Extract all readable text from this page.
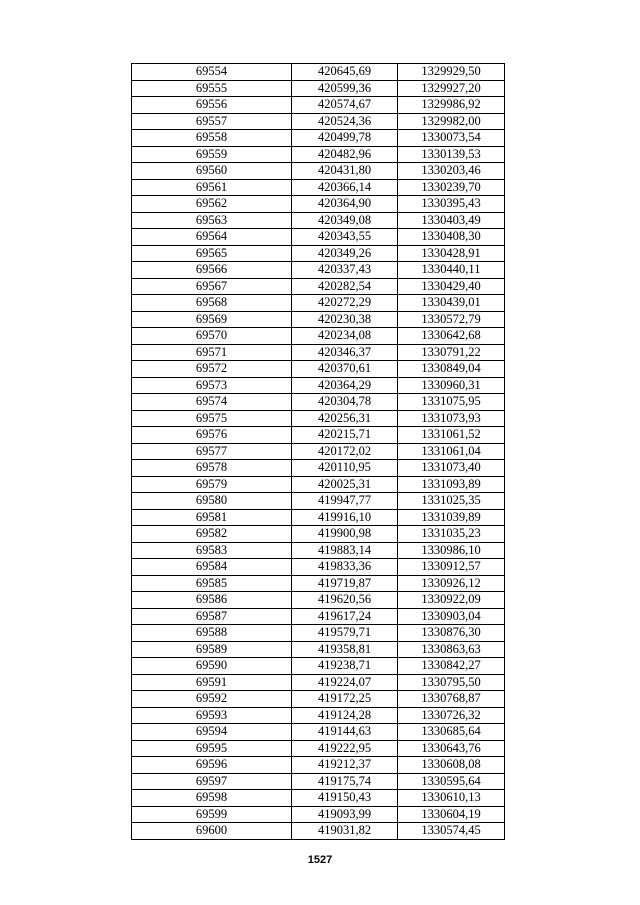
69554	420645,69	1329929,50
69555	420599,36	1329927,20
69556	420574,67	1329986,92
69557	420524,36	1329982,00
69558	420499,78	1330073,54
69559	420482,96	1330139,53
69560	420431,80	1330203,46
69561	420366,14	1330239,70
69562	420364,90	1330395,43
69563	420349,08	1330403,49
69564	420343,55	1330408,30
69565	420349,26	1330428,91
69566	420337,43	1330440,11
69567	420282,54	1330429,40
69568	420272,29	1330439,01
69569	420230,38	1330572,79
69570	420234,08	1330642,68
69571	420346,37	1330791,22
69572	420370,61	1330849,04
69573	420364,29	1330960,31
69574	420304,78	1331075,95
69575	420256,31	1331073,93
69576	420215,71	1331061,52
69577	420172,02	1331061,04
69578	420110,95	1331073,40
69579	420025,31	1331093,89
69580	419947,77	1331025,35
69581	419916,10	1331039,89
69582	419900,98	1331035,23
69583	419883,14	1330986,10
69584	419833,36	1330912,57
69585	419719,87	1330926,12
69586	419620,56	1330922,09
69587	419617,24	1330903,04
69588	419579,71	1330876,30
69589	419358,81	1330863,63
69590	419238,71	1330842,27
69591	419224,07	1330795,50
69592	419172,25	1330768,87
69593	419124,28	1330726,32
69594	419144,63	1330685,64
69595	419222,95	1330643,76
69596	419212,37	1330608,08
69597	419175,74	1330595,64
69598	419150,43	1330610,13
69599	419093,99	1330604,19
69600	419031,82	1330574,45
1527
